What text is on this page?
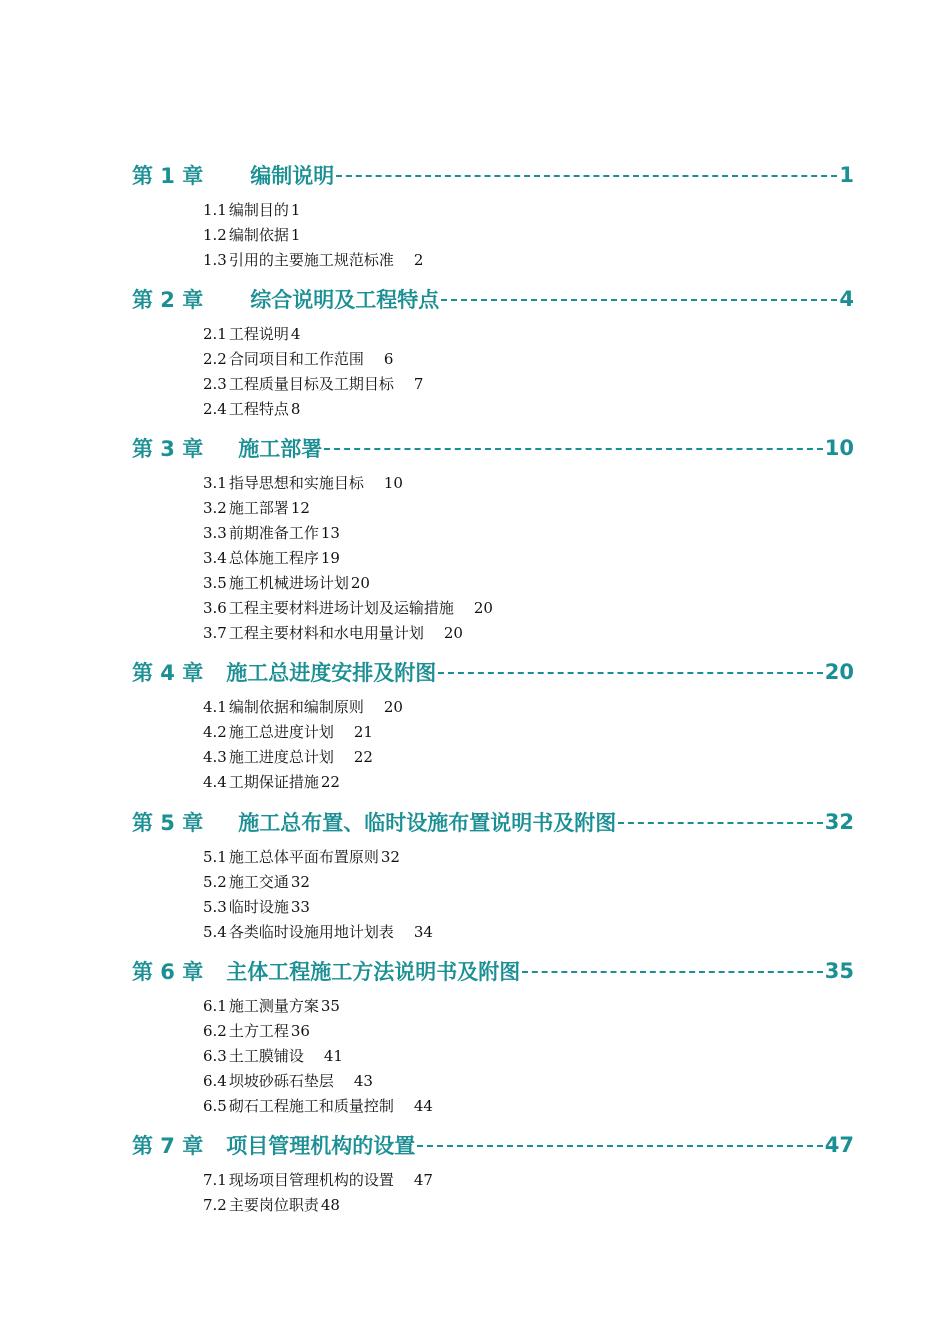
第 1 章 编制说明	1
1.1 编制目的 1
1.2 编制依据 1
1.3 引用的主要施工规范标准 2
第 2 章 综合说明及工程特点	4
2.1 工程说明 4
2.2 合同项目和工作范围 6
2.3 工程质量目标及工期目标 7
2.4 工程特点 8
第 3 章 施工部署	10
3.1 指导思想和实施目标 10
3.2 施工部署 12
3.3 前期准备工作 13
3.4 总体施工程序 19
3.5 施工机械进场计划 20
3.6 工程主要材料进场计划及运输措施 20
3.7 工程主要材料和水电用量计划 20
第 4 章 施工总进度安排及附图	20
4.1 编制依据和编制原则 20
4.2 施工总进度计划 21
4.3 施工进度总计划 22
4.4 工期保证措施 22
第 5 章 施工总布置、临时设施布置说明书及附图	32
5.1 施工总体平面布置原则 32
5.2 施工交通 32
5.3 临时设施 33
5.4 各类临时设施用地计划表 34
第 6 章 主体工程施工方法说明书及附图	35
6.1 施工测量方案 35
6.2 土方工程 36
6.3 土工膜铺设 41
6.4 坝坡砂砾石垫层 43
6.5 砌石工程施工和质量控制 44
第 7 章 项目管理机构的设置	47
7.1 现场项目管理机构的设置 47
7.2 主要岗位职责 48
